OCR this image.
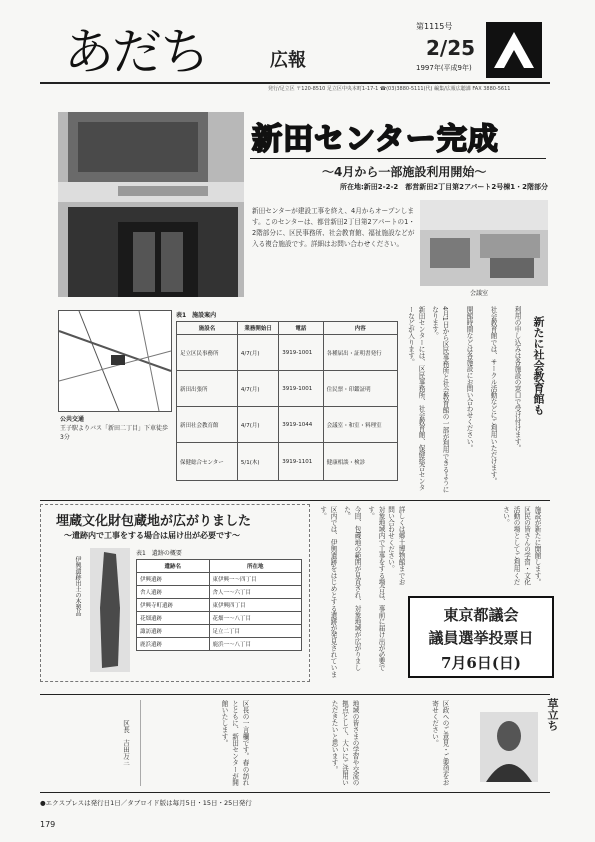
あだち	広報
第1115号
2/25
1997年(平成9年)
発行/足立区 〒120-8510 足立区中央本町1-17-1 ☎(03)3880-5111(代) 編集/広報広聴課 FAX 3880-5611
新田センター完成
～4月から一部施設利用開始～
所在地:新田2-2-2　都営新田2丁目第2アパート2号棟1・2階部分
新田センターが建設工事を終え、4月からオープンします。このセンターは、都営新田2丁目第2アパートの1・2階部分に、区民事務所、社会教育館、福祉施設などが入る複合施設です。詳細はお問い合わせください。
会議室
表1　施設案内
施設名	業務開始日	電話	内容
足立区民事務所	4/7(月)	3919-1001	各種届出・証明書発行
新田出張所	4/7(月)	3919-1001	住民票・印鑑証明
新田社会教育館	4/7(月)	3919-1044	会議室・和室・料理室
保健総合センター	5/1(木)	3919-1101	健康相談・検診
公共交通
王子駅よりバス「新田二丁目」下車徒歩3分	新田センターには、区民事務所、社会教育館、保健総合センターなどが入ります。	4月1日から区民事務所と社会教育館の一部が利用できるようになります。	開館時間などは各施設にお問い合わせください。	社会教育館では、サークル活動などにご利用いただけます。	利用の申し込みは各施設の窓口で受け付けます。	新たに社会教育館も
埋蔵文化財包蔵地が広がりました
～遺跡内で工事をする場合は届け出が必要です～
伊興遺跡出土の木製品
表1　遺跡の概要
遺跡名	所在地
伊興遺跡	東伊興一～四丁目
舎人遺跡	舎人一～六丁目
伊興寺町遺跡	東伊興四丁目
花畑遺跡	花畑一～八丁目
諏訪遺跡	足立二丁目
鹿浜遺跡	鹿浜一～八丁目	区内では、伊興遺跡をはじめとする遺跡が発見されています。	今回、包蔵地の範囲が見直され、対象地域が広がりました。	対象地域内で工事をする場合は、事前に届け出が必要です。	詳しくは郷土博物館までお問い合わせください。	施設が新たに開館します。区民の皆さんの学習・文化活動の場としてご利用ください。
東京都議会
議員選挙投票日
7月6日(日)
区長の一言欄です。春の訪れとともに、新田センターが開館いたします。	地域の皆さまの学習や交流の拠点として、大いにご活用いただきたいと思います。	区政へのご意見・ご要望をお寄せください。
区長　吉田万三
草立ち
●エクスプレスは発行日1日／タブロイド版は毎月5日・15日・25日発行
179
